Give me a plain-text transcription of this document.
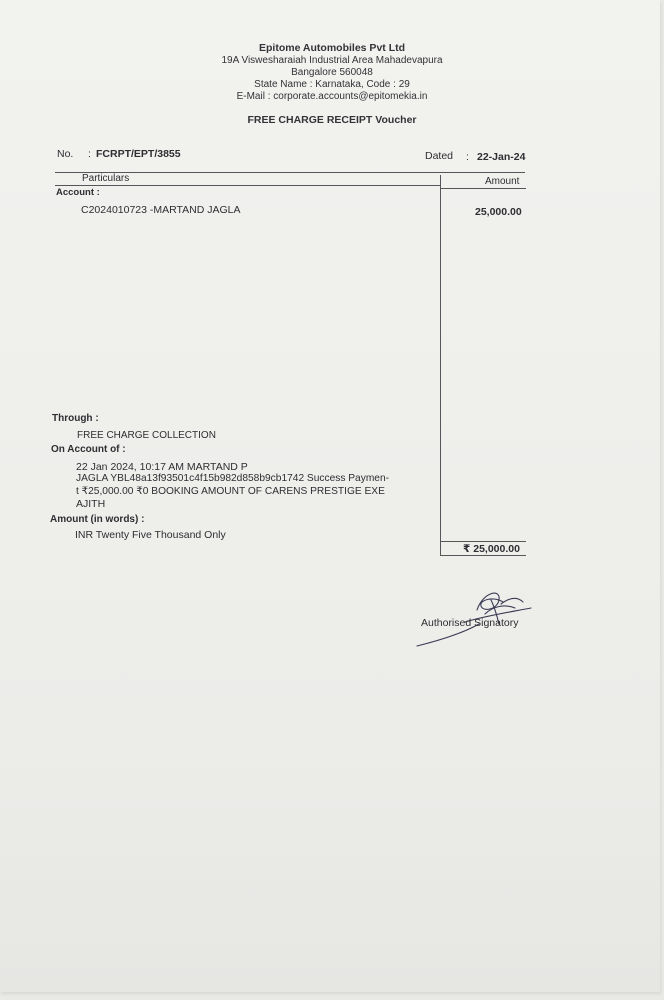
Epitome Automobiles Pvt Ltd
19A Viswesharaiah Industrial Area Mahadevapura
Bangalore 560048
State Name : Karnataka, Code : 29
E-Mail : corporate.accounts@epitomekia.in
FREE CHARGE RECEIPT Voucher
No. : FCRPT/EPT/3855	Dated : 22-Jan-24
Particulars	Amount
Account :
C2024010723 -MARTAND JAGLA	25,000.00
Through :
FREE CHARGE COLLECTION
On Account of :
22 Jan 2024, 10:17 AM MARTAND P
JAGLA YBL48a13f93501c4f15b982d858b9cb1742 Success Paymen-
t ₹25,000.00 ₹0 BOOKING AMOUNT OF CARENS PRESTIGE EXE
AJITH
Amount (in words) :
INR Twenty Five Thousand Only
₹ 25,000.00
Authorised Signatory
